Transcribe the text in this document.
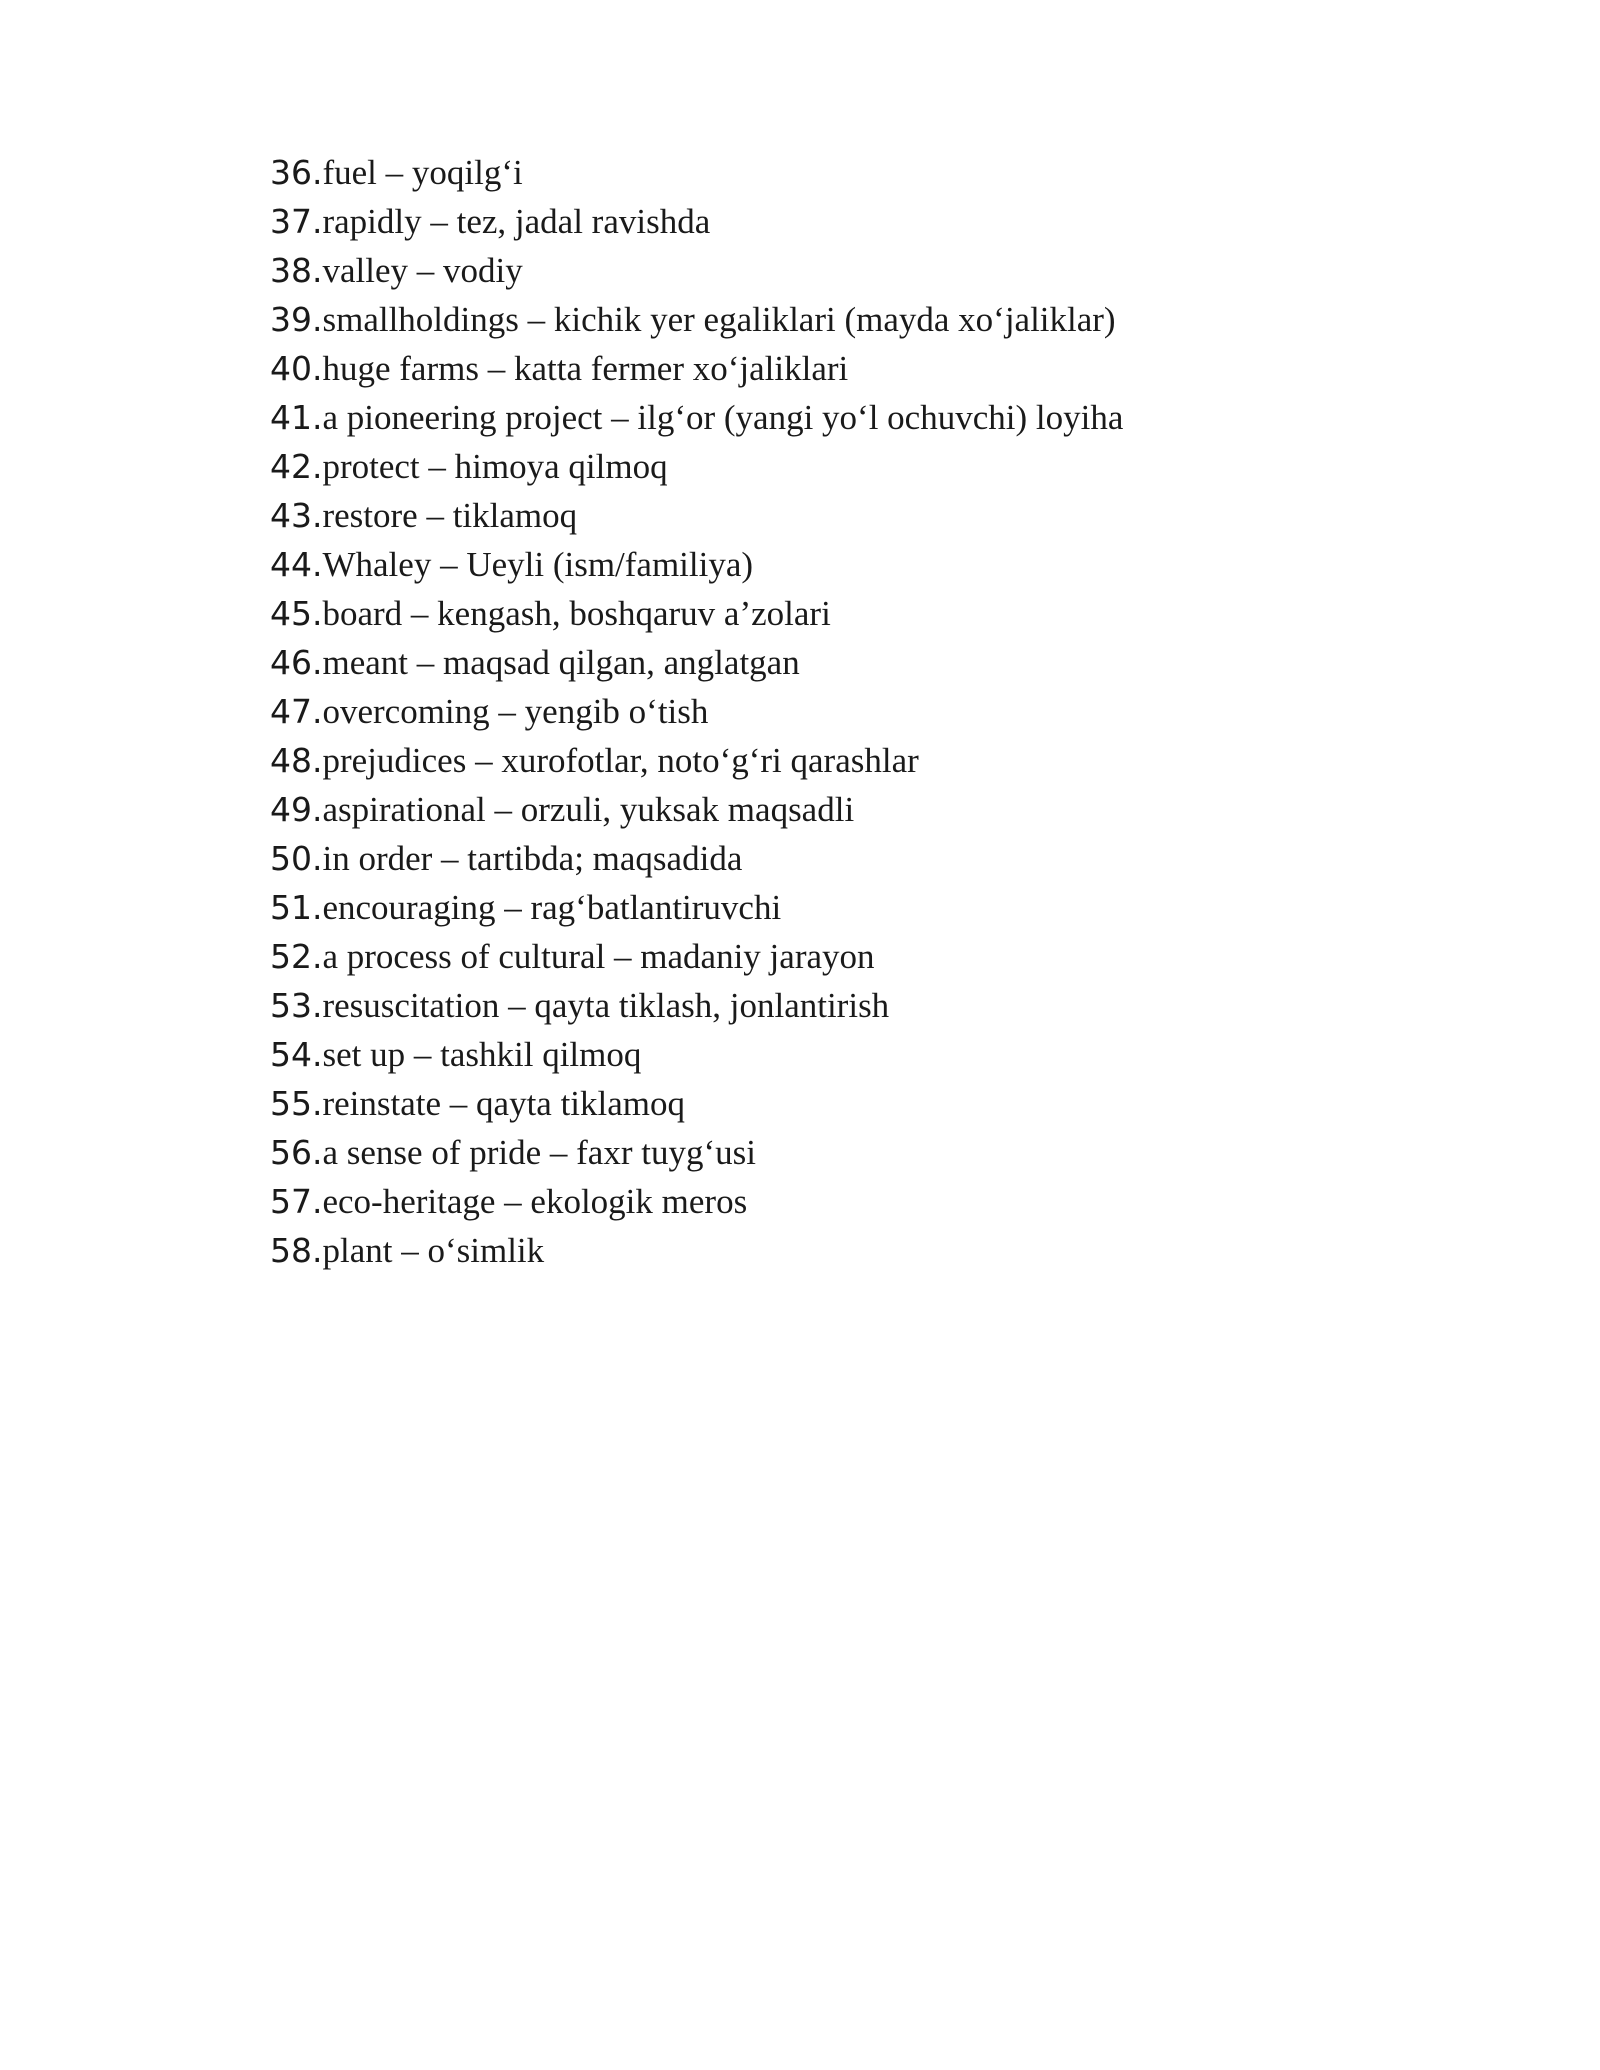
36. fuel – yoqilg‘i
37. rapidly – tez, jadal ravishda
38. valley – vodiy
39. smallholdings – kichik yer egaliklari (mayda xo‘jaliklar)
40. huge farms – katta fermer xo‘jaliklari
41. a pioneering project – ilg‘or (yangi yo‘l ochuvchi) loyiha
42. protect – himoya qilmoq
43. restore – tiklamoq
44. Whaley – Ueyli (ism/familiya)
45. board – kengash, boshqaruv a’zolari
46. meant – maqsad qilgan, anglatgan
47. overcoming – yengib o‘tish
48. prejudices – xurofotlar, noto‘g‘ri qarashlar
49. aspirational – orzuli, yuksak maqsadli
50. in order – tartibda; maqsadida
51. encouraging – rag‘batlantiruvchi
52. a process of cultural – madaniy jarayon
53. resuscitation – qayta tiklash, jonlantirish
54. set up – tashkil qilmoq
55. reinstate – qayta tiklamoq
56. a sense of pride – faxr tuyg‘usi
57. eco-heritage – ekologik meros
58. plant – o‘simlik
